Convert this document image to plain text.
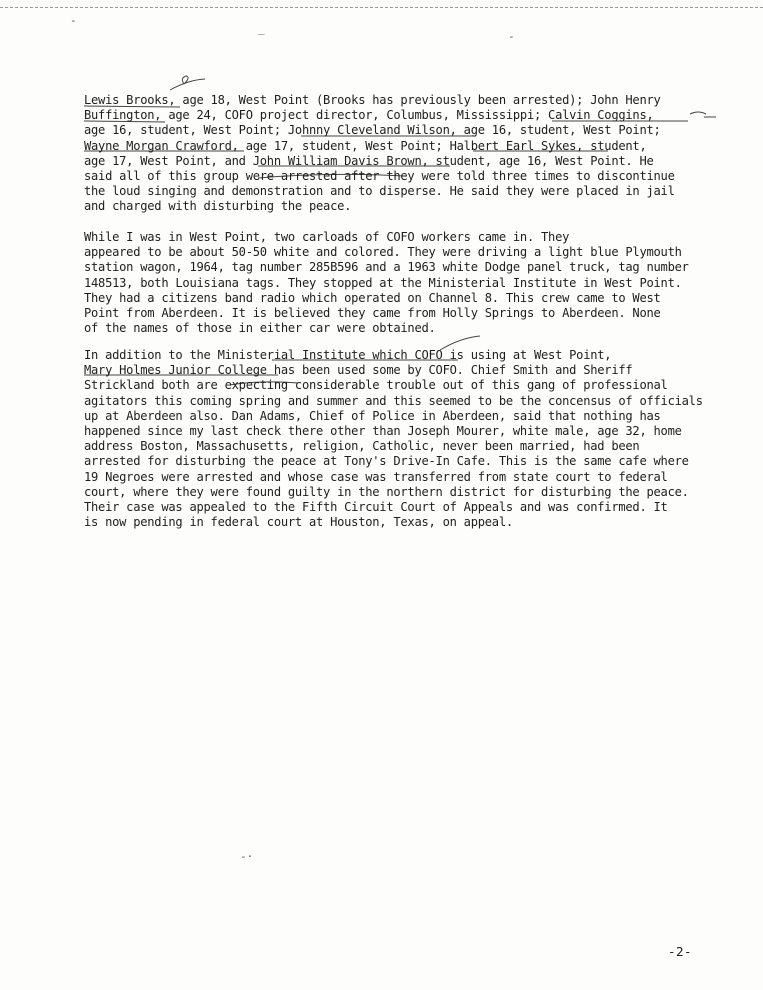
-
‾	-
-·

Lewis Brooks, age 18, West Point (Brooks has previously been arrested); John Henry
Buffington, age 24, COFO project director, Columbus, Mississippi; Calvin Coggins,
age 16, student, West Point; Johnny Cleveland Wilson, age 16, student, West Point;
Wayne Morgan Crawford, age 17, student, West Point; Halbert Earl Sykes, student,
age 17, West Point, and John William Davis Brown, student, age 16, West Point. He
said all of this group were arrested after they were told three times to discontinue
the loud singing and demonstration and to disperse. He said they were placed in jail
and charged with disturbing the peace.

While I was in West Point, two carloads of COFO workers came in. They
appeared to be about 50-50 white and colored. They were driving a light blue Plymouth
station wagon, 1964, tag number 285B596 and a 1963 white Dodge panel truck, tag number
148513, both Louisiana tags. They stopped at the Ministerial Institute in West Point.
They had a citizens band radio which operated on Channel 8. This crew came to West
Point from Aberdeen. It is believed they came from Holly Springs to Aberdeen. None
of the names of those in either car were obtained.

In addition to the Ministerial Institute which COFO is using at West Point,
Mary Holmes Junior College has been used some by COFO. Chief Smith and Sheriff
Strickland both are expecting considerable trouble out of this gang of professional
agitators this coming spring and summer and this seemed to be the concensus of officials
up at Aberdeen also. Dan Adams, Chief of Police in Aberdeen, said that nothing has
happened since my last check there other than Joseph Mourer, white male, age 32, home
address Boston, Massachusetts, religion, Catholic, never been married, had been
arrested for disturbing the peace at Tony's Drive-In Cafe. This is the same cafe where
19 Negroes were arrested and whose case was transferred from state court to federal
court, where they were found guilty in the northern district for disturbing the peace.
Their case was appealed to the Fifth Circuit Court of Appeals and was confirmed. It
is now pending in federal court at Houston, Texas, on appeal.

-2-
